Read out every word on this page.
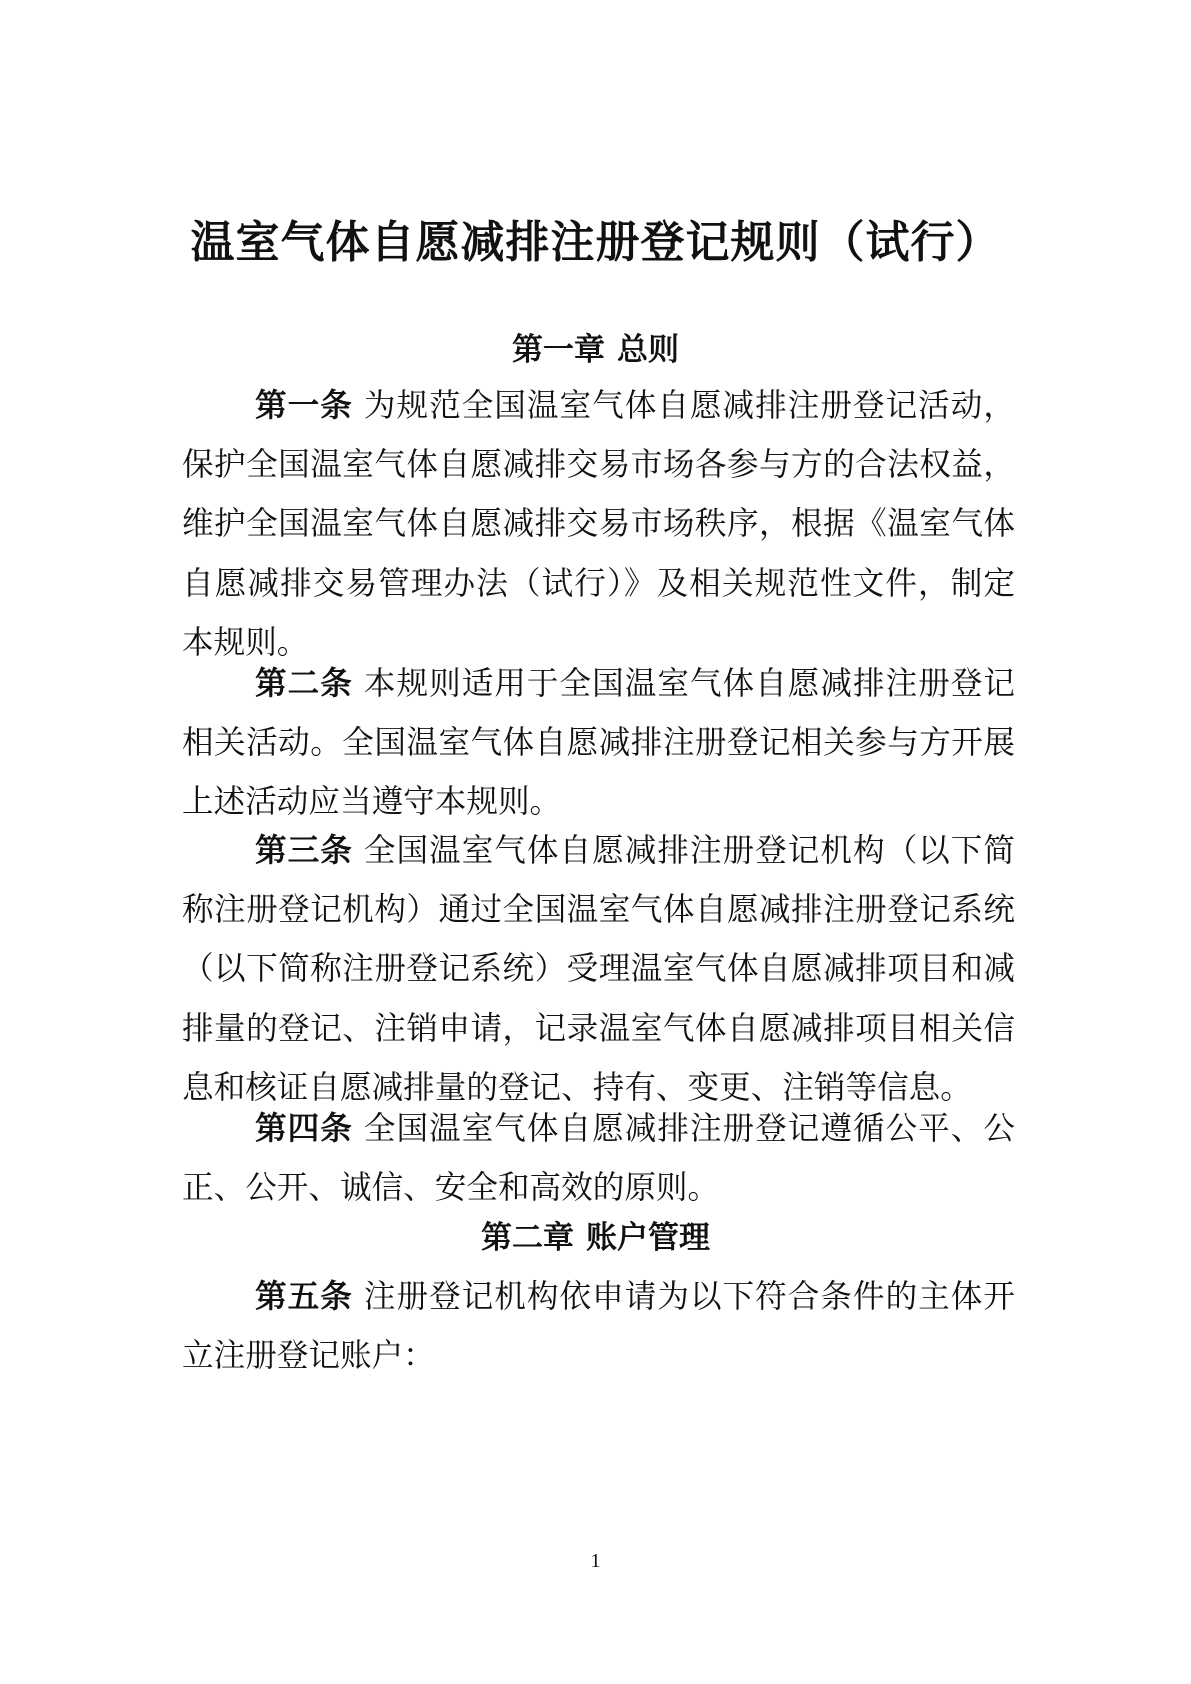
温室气体自愿减排注册登记规则（试行）
第一章 总则

第一条 为规范全国温室气体自愿减排注册登记活动，保护全国温室气体自愿减排交易市场各参与方的合法权益，维护全国温室气体自愿减排交易市场秩序，根据《温室气体自愿减排交易管理办法（试行）》及相关规范性文件，制定本规则。

第二条 本规则适用于全国温室气体自愿减排注册登记相关活动。全国温室气体自愿减排注册登记相关参与方开展上述活动应当遵守本规则。

第三条 全国温室气体自愿减排注册登记机构（以下简称注册登记机构）通过全国温室气体自愿减排注册登记系统（以下简称注册登记系统）受理温室气体自愿减排项目和减排量的登记、注销申请，记录温室气体自愿减排项目相关信息和核证自愿减排量的登记、持有、变更、注销等信息。

第四条 全国温室气体自愿减排注册登记遵循公平、公正、公开、诚信、安全和高效的原则。

第二章 账户管理

第五条 注册登记机构依申请为以下符合条件的主体开立注册登记账户：

1
